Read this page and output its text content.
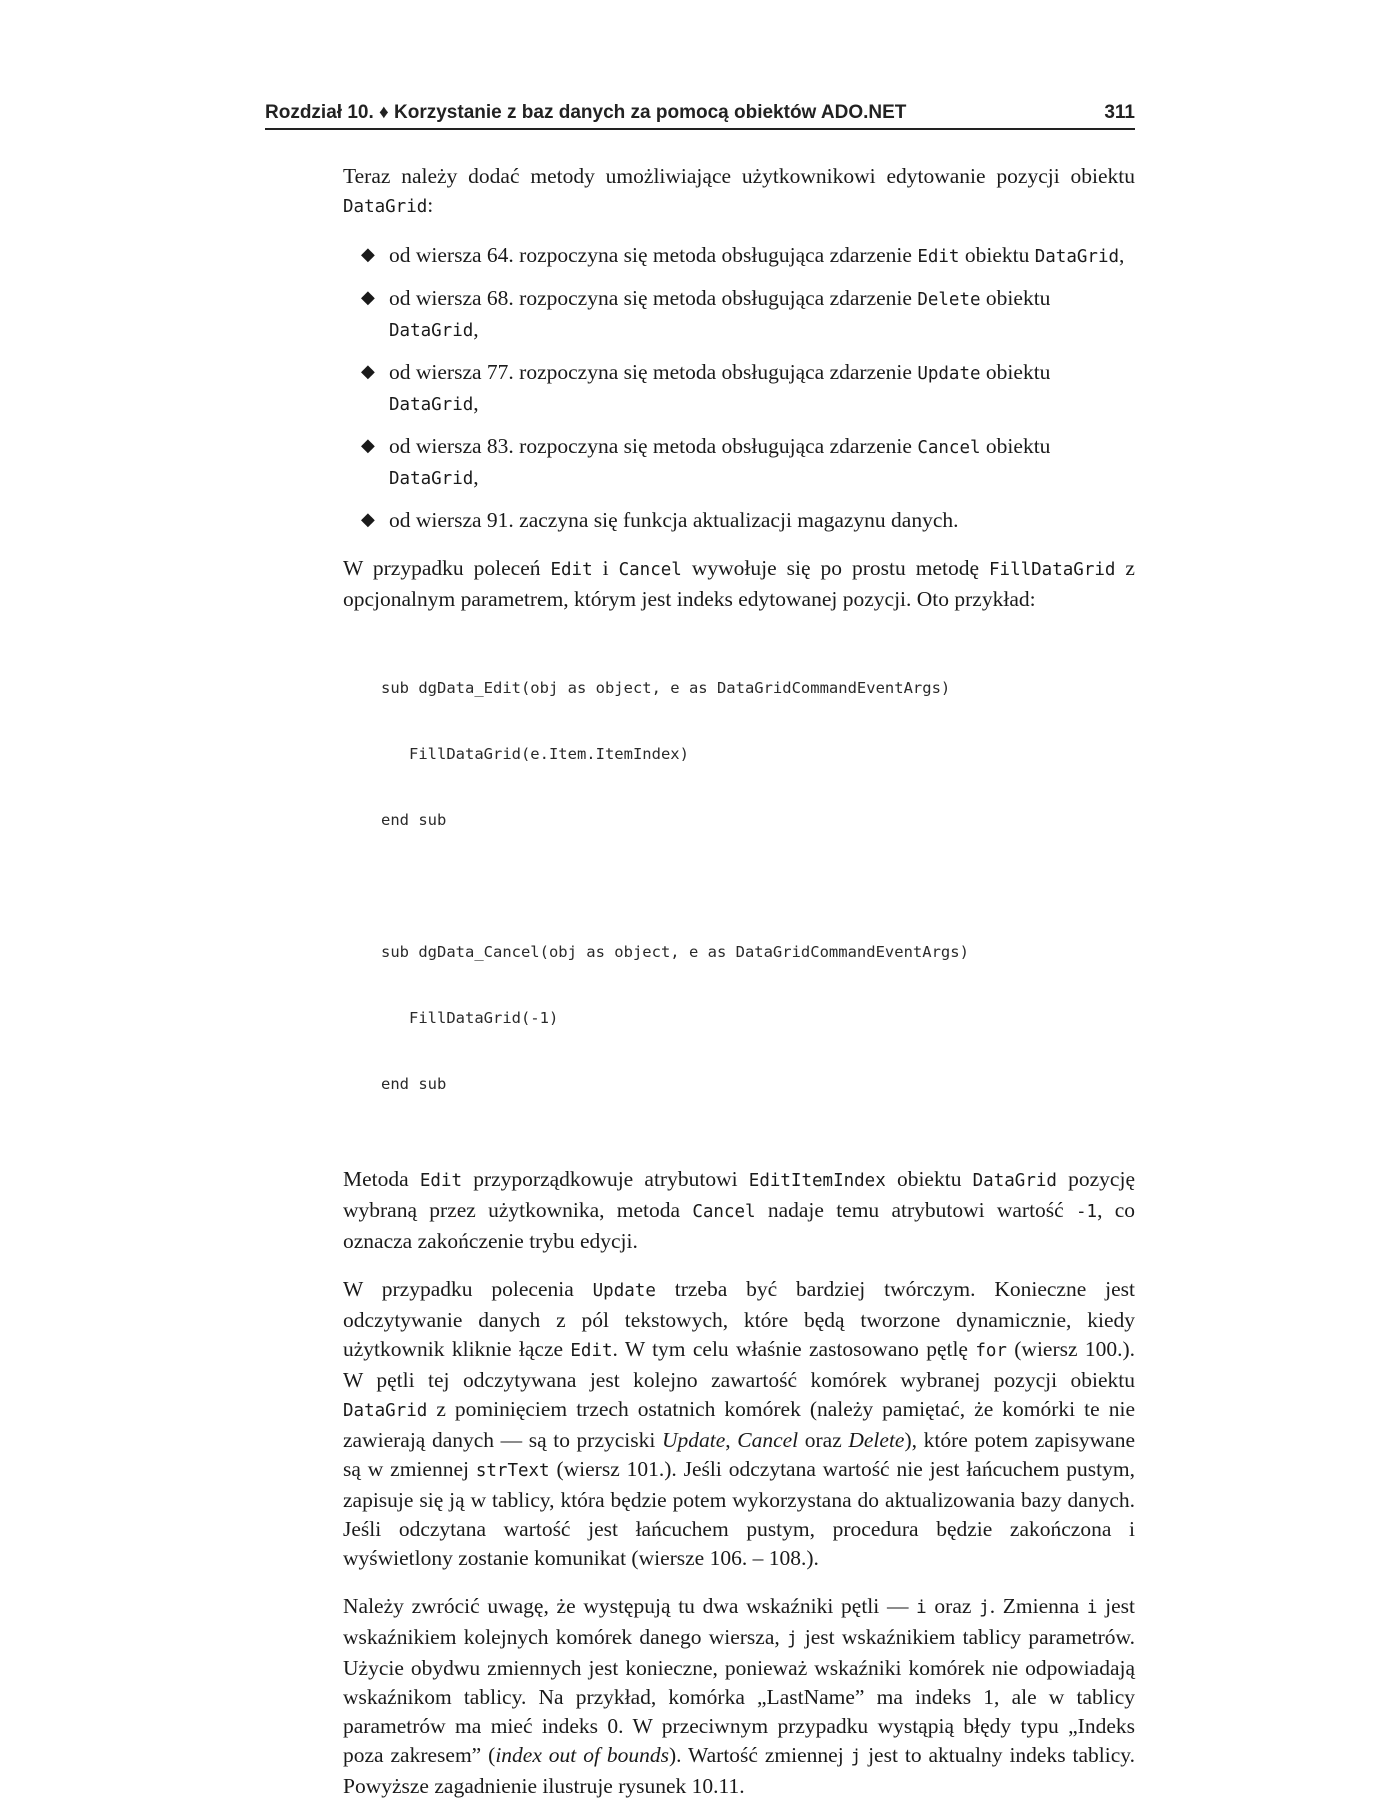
Rozdział 10. ♦ Korzystanie z baz danych za pomocą obiektów ADO.NET	311

Teraz należy dodać metody umożliwiające użytkownikowi edytowanie pozycji obiektu DataGrid:

◆ od wiersza 64. rozpoczyna się metoda obsługująca zdarzenie Edit obiektu DataGrid,
◆ od wiersza 68. rozpoczyna się metoda obsługująca zdarzenie Delete obiektu DataGrid,
◆ od wiersza 77. rozpoczyna się metoda obsługująca zdarzenie Update obiektu DataGrid,
◆ od wiersza 83. rozpoczyna się metoda obsługująca zdarzenie Cancel obiektu DataGrid,
◆ od wiersza 91. zaczyna się funkcja aktualizacji magazynu danych.

W przypadku poleceń Edit i Cancel wywołuje się po prostu metodę FillDataGrid z opcjonalnym parametrem, którym jest indeks edytowanej pozycji. Oto przykład:

sub dgData_Edit(obj as object, e as DataGridCommandEventArgs)

FillDataGrid(e.Item.ItemIndex)

end sub

sub dgData_Cancel(obj as object, e as DataGridCommandEventArgs)

FillDataGrid(-1)

end sub

Metoda Edit przyporządkowuje atrybutowi EditItemIndex obiektu DataGrid pozycję wybraną przez użytkownika, metoda Cancel nadaje temu atrybutowi wartość -1, co oznacza zakończenie trybu edycji.

W przypadku polecenia Update trzeba być bardziej twórczym. Konieczne jest odczytywanie danych z pól tekstowych, które będą tworzone dynamicznie, kiedy użytkownik kliknie łącze Edit. W tym celu właśnie zastosowano pętlę for (wiersz 100.). W pętli tej odczytywana jest kolejno zawartość komórek wybranej pozycji obiektu DataGrid z pominięciem trzech ostatnich komórek (należy pamiętać, że komórki te nie zawierają danych — są to przyciski Update, Cancel oraz Delete), które potem zapisywane są w zmiennej strText (wiersz 101.). Jeśli odczytana wartość nie jest łańcuchem pustym, zapisuje się ją w tablicy, która będzie potem wykorzystana do aktualizowania bazy danych. Jeśli odczytana wartość jest łańcuchem pustym, procedura będzie zakończona i wyświetlony zostanie komunikat (wiersze 106. – 108.).

Należy zwrócić uwagę, że występują tu dwa wskaźniki pętli — i oraz j. Zmienna i jest wskaźnikiem kolejnych komórek danego wiersza, j jest wskaźnikiem tablicy parametrów. Użycie obydwu zmiennych jest konieczne, ponieważ wskaźniki komórek nie odpowiadają wskaźnikom tablicy. Na przykład, komórka „LastName” ma indeks 1, ale w tablicy parametrów ma mieć indeks 0. W przeciwnym przypadku wystąpią błędy typu „Indeks poza zakresem” (index out of bounds). Wartość zmiennej j jest to aktualny indeks tablicy. Powyższe zagadnienie ilustruje rysunek 10.11.
